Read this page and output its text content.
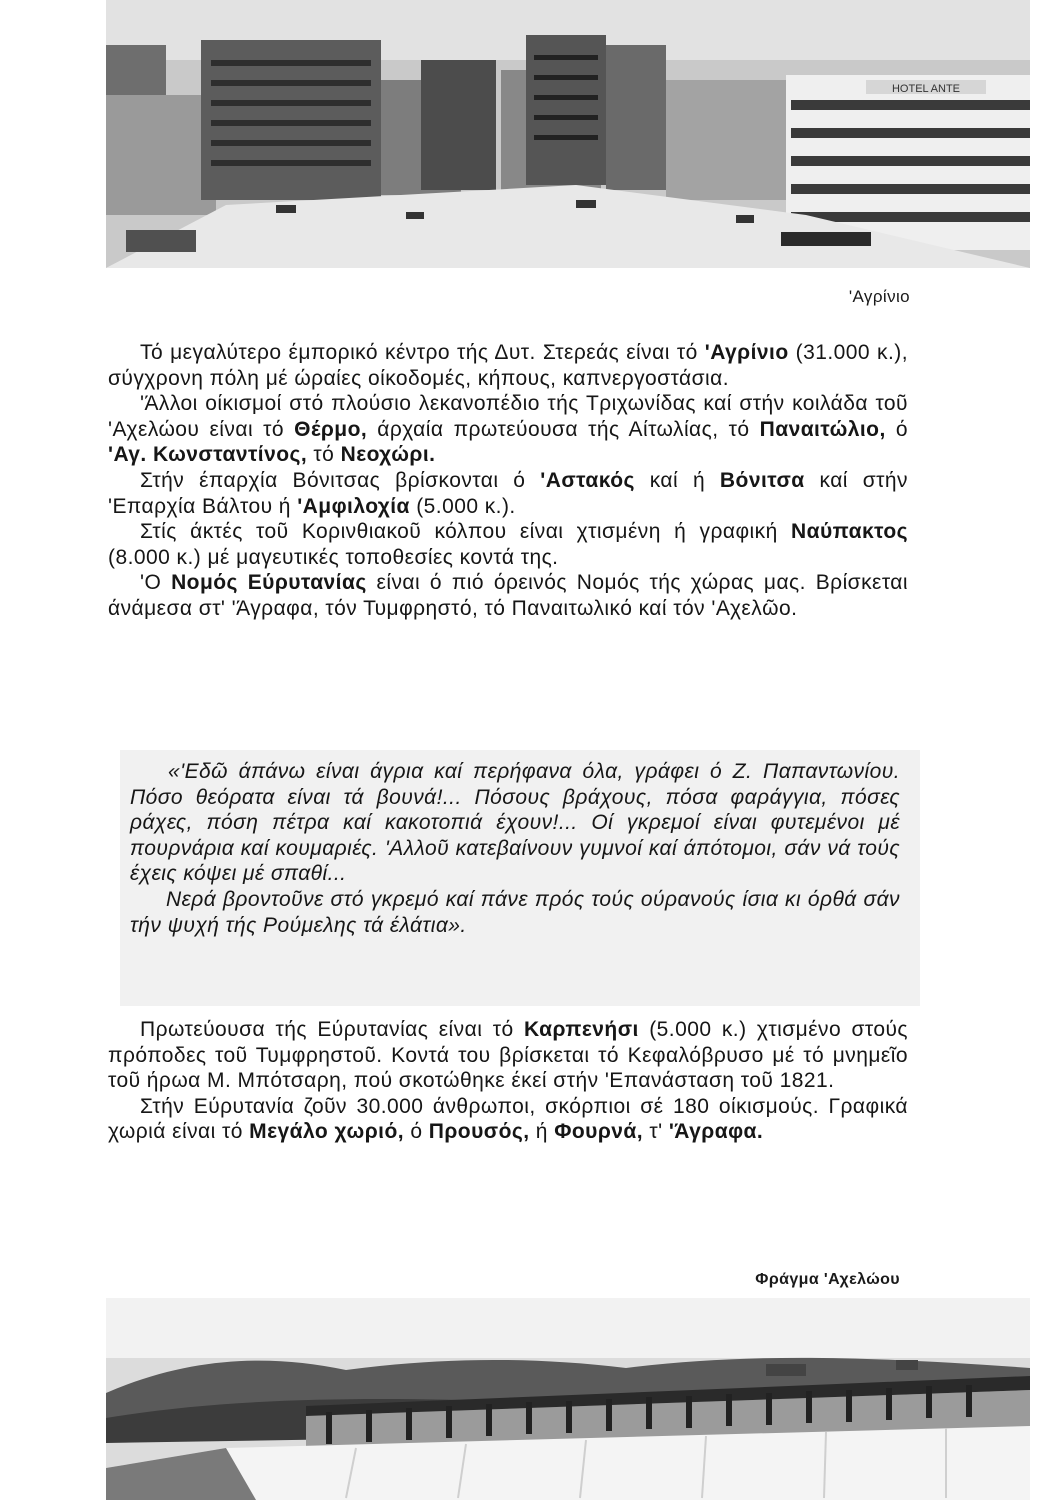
HOTEL ANTE
'Αγρίνιο

Τό μεγαλύτερο έμπορικό κέντρο τής Δυτ. Στερεάς είναι τό 'Αγρίνιο (31.000 κ.), σύγχρονη πόλη μέ ώραίες οίκοδομές, κήπους, καπνεργοστάσια.

'Άλλοι οίκισμοί στό πλούσιο λεκανοπέδιο τής Τριχωνίδας καί στήν κοιλάδα τοῦ 'Αχελώου είναι τό Θέρμο, άρχαία πρωτεύουσα τής Αίτωλίας, τό Παναιτώλιο, ό 'Αγ. Κωνσταντίνος, τό Νεοχώρι.

Στήν έπαρχία Βόνιτσας βρίσκονται ό 'Αστακός καί ή Βόνιτσα καί στήν 'Επαρχία Βάλτου ή 'Αμφιλοχία (5.000 κ.).

Στίς άκτές τοῦ Κορινθιακοῦ κόλπου είναι χτισμένη ή γραφική Ναύπακτος (8.000 κ.) μέ μαγευτικές τοποθεσίες κοντά της.

'Ο Νομός Εύρυτανίας είναι ό πιό όρεινός Νομός τής χώρας μας. Βρίσκεται άνάμεσα στ' 'Άγραφα, τόν Τυμφρηστό, τό Παναιτωλικό καί τόν 'Αχελῶο.

«'Εδῶ άπάνω είναι άγρια καί περήφανα όλα, γράφει ό Ζ. Παπαντωνίου. Πόσο θεόρατα είναι τά βουνά!... Πόσους βράχους, πόσα φαράγγια, πόσες ράχες, πόση πέτρα καί κακοτοπιά έχουν!... Οί γκρεμοί είναι φυτεμένοι μέ πουρνάρια καί κουμαριές. 'Αλλοῦ κατεβαίνουν γυμνοί καί άπότομοι, σάν νά τούς έχεις κόψει μέ σπαθί...

Νερά βροντοῦνε στό γκρεμό καί πάνε πρός τούς ούρανούς ίσια κι όρθά σάν τήν ψυχή τής Ρούμελης τά έλάτια».

Πρωτεύουσα τής Εύρυτανίας είναι τό Καρπενήσι (5.000 κ.) χτισμένο στούς πρόποδες τοῦ Τυμφρηστοῦ. Κοντά του βρίσκεται τό Κεφαλόβρυσο μέ τό μνημεῖο τοῦ ήρωα Μ. Μπότσαρη, πού σκοτώθηκε έκεί στήν 'Επανάσταση τοῦ 1821.

Στήν Εύρυτανία ζοῦν 30.000 άνθρωποι, σκόρπιοι σέ 180 οίκισμούς. Γραφικά χωριά είναι τό Μεγάλο χωριό, ό Προυσός, ή Φουρνά, τ' 'Άγραφα.

Φράγμα 'Αχελώου
